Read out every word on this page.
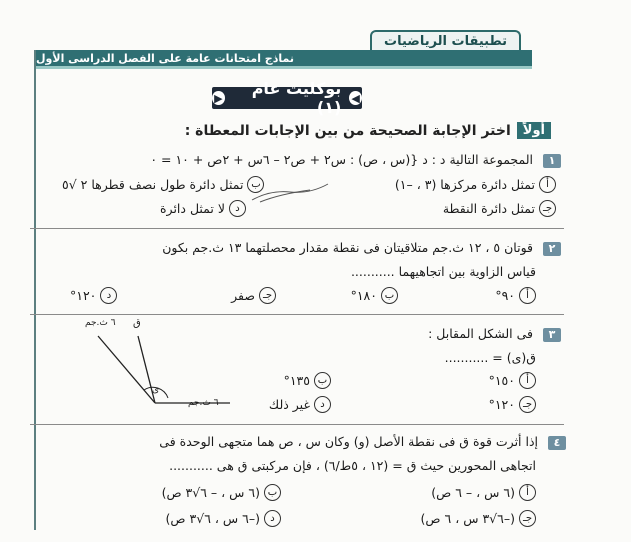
تطبيقات الرياضيات
نماذج امتحانات عامة على الفصل الدراسى الأول
◀
بوكليت عام (١)
▶
أولاً
اختر الإجابة الصحيحة من بين الإجابات المعطاة :
١ المجموعة التالية د : د {(س ، ص) : س٢ + ص٢ – ٦س + ٢ص + ١٠ = ٠
أ
تمثل دائرة مركزها (٣ ، –١)
ب
تمثل دائرة طول نصف قطرها ٢ √٥
جـ
تمثل دائرة النقطة
د
لا تمثل دائرة
٢ قوتان ٥ ، ١٢ ث.جم متلاقيتان فى نقطة مقدار محصلتهما ١٣ ث.جم بكون
قياس الزاوية بين اتجاهيهما ...........
أ
٩٠°
ب
١٨٠°
جـ
صفر
د
١٢٠°
٣ فى الشكل المقابل :
ق(ى) = ...........
أ
١٥٠°
ب
١٣٥°
جـ
١٢٠°
د
غير ذلك
٦ ث.جم ق
٦ ث.جم
ى
٤ إذا أثرت قوة ق فى نقطة الأصل (و) وكان س ، ص هما متجهى الوحدة فى
اتجاهى المحورين حيث ق = (١٢ ، ٥ط/٦) ، فإن مركبتى ق هى ...........
أ
(٦ س ، – ٦ ص)
ب
(٦ س ، – ٦√٣ ص)
جـ
(–٦√٣ س ، ٦ ص)
د
(–٦ س ، ٦√٣ ص)
